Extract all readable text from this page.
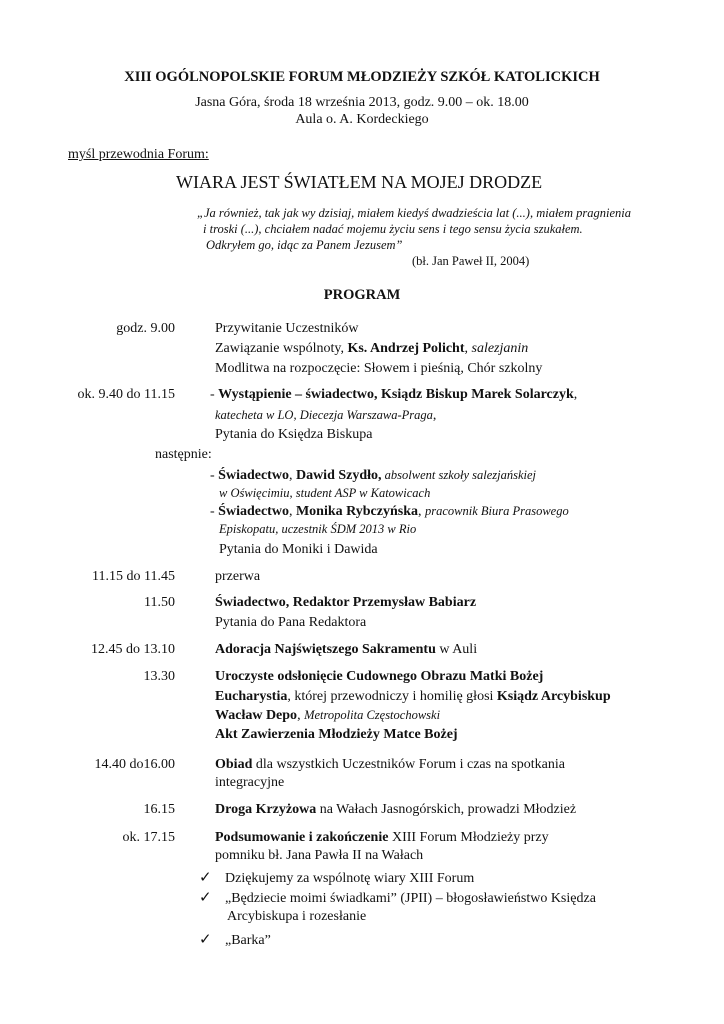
XIII OGÓLNOPOLSKIE FORUM MŁODZIEŻY SZKÓŁ KATOLICKICH
Jasna Góra, środa 18 września 2013, godz. 9.00 – ok. 18.00
Aula o. A. Kordeckiego
myśl przewodnia Forum:
WIARA JEST ŚWIATŁEM NA MOJEJ DRODZE
„Ja również, tak jak wy dzisiaj, miałem kiedyś dwadzieścia lat (...), miałem pragnienia
i troski (...), chciałem nadać mojemu życiu sens i tego sensu życia szukałem.
Odkryłem go, idąc za Panem Jezusem”
(bł. Jan Paweł II, 2004)
PROGRAM
godz. 9.00	Przywitanie Uczestników
Zawiązanie wspólnoty, Ks. Andrzej Policht, salezjanin
Modlitwa na rozpoczęcie: Słowem i pieśnią, Chór szkolny
ok. 9.40 do 11.15	- Wystąpienie – świadectwo, Ksiądz Biskup Marek Solarczyk,
katecheta w LO, Diecezja Warszawa-Praga,
Pytania do Księdza Biskupa
następnie:
- Świadectwo, Dawid Szydło, absolwent szkoły salezjańskiej
w Oświęcimiu, student ASP w Katowicach
- Świadectwo, Monika Rybczyńska, pracownik Biura Prasowego
Episkopatu, uczestnik ŚDM 2013 w Rio
Pytania do Moniki i Dawida
11.15 do 11.45	przerwa
11.50	Świadectwo, Redaktor Przemysław Babiarz
Pytania do Pana Redaktora
12.45 do 13.10	Adoracja Najświętszego Sakramentu w Auli
13.30	Uroczyste odsłonięcie Cudownego Obrazu Matki Bożej
Eucharystia, której przewodniczy i homilię głosi Ksiądz Arcybiskup
Wacław Depo, Metropolita Częstochowski
Akt Zawierzenia Młodzieży Matce Bożej
14.40 do16.00	Obiad dla wszystkich Uczestników Forum i czas na spotkania
integracyjne
16.15	Droga Krzyżowa na Wałach Jasnogórskich, prowadzi Młodzież
ok. 17.15	Podsumowanie i zakończenie XIII Forum Młodzieży przy
pomniku bł. Jana Pawła II na Wałach
✓ Dziękujemy za wspólnotę wiary XIII Forum
✓ „Będziecie moimi świadkami” (JPII) – błogosławieństwo Księdza
Arcybiskupa i rozesłanie
✓ „Barka”
